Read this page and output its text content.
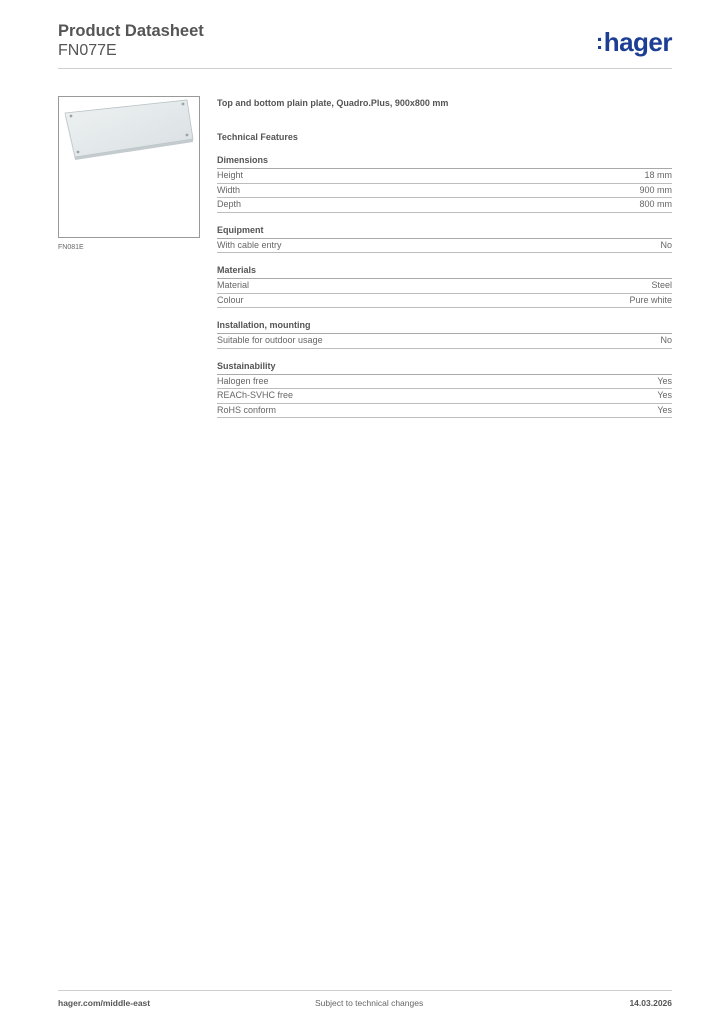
Product Datasheet
FN077E	:hager
FN081E
Top and bottom plain plate, Quadro.Plus, 900x800 mm
Technical Features
Dimensions
Height	18 mm
Width	900 mm
Depth	800 mm
Equipment
With cable entry	No
Materials
Material	Steel
Colour	Pure white
Installation, mounting
Suitable for outdoor usage	No
Sustainability
Halogen free	Yes
REACh-SVHC free	Yes
RoHS conform	Yes
hager.com/middle-east	Subject to technical changes	14.03.2026
